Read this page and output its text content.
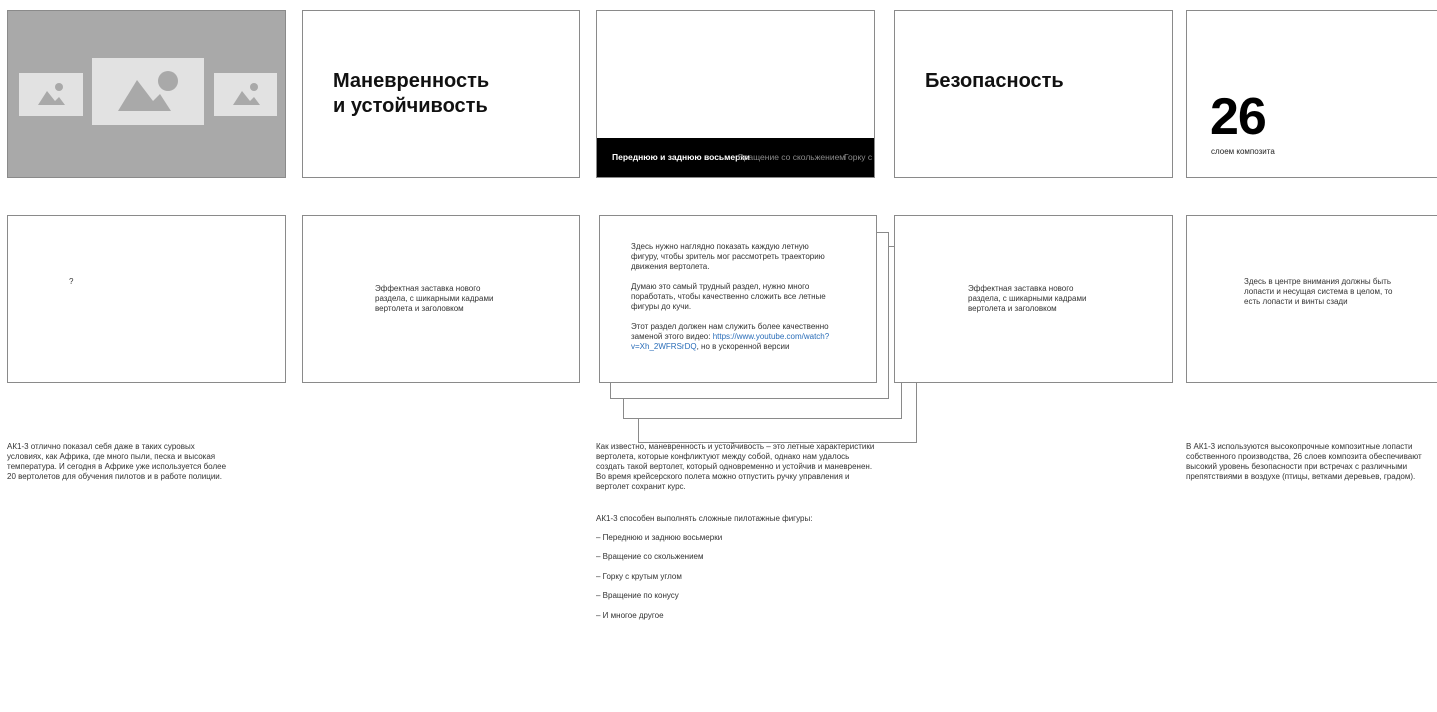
Маневренность
и устойчивость
Переднюю и заднюю восьмерки
Вращение со скольжением
Горку с
Безопасность
26
слоем композита
?
Эффектная заставка нового раздела, с шикарными кадрами вертолета и заголовком

Здесь нужно наглядно показать каждую летную фигуру, чтобы зритель мог рассмотреть траекторию движения вертолета.

Думаю это самый трудный раздел, нужно много поработать, чтобы качественно сложить все летные фигуры до кучи.

Этот раздел должен нам служить более качественно заменой этого видео: https://www.youtube.com/watch?v=Xh_2WFRSrDQ, но в ускоренной версии

Эффектная заставка нового раздела, с шикарными кадрами вертолета и заголовком
Здесь в центре внимания должны быть лопасти и несущая система в целом, то есть лопасти и винты сзади

АК1-3 отлично показал себя даже в таких суровых условиях, как Африка, где много пыли, песка и высокая температура. И сегодня в Африке уже используется более 20 вертолетов для обучения пилотов и в работе полиции.

Как известно, маневренность и устойчивость – это летные характеристики вертолета, которые конфликтуют между собой, однако нам удалось создать такой вертолет, который одновременно и устойчив и маневренен. Во время крейсерского полета можно отпустить ручку управления и вертолет сохранит курс.

АК1-3 способен выполнять сложные пилотажные фигуры:
– Переднюю и заднюю восьмерки
– Вращение со скольжением
– Горку с крутым углом
– Вращение по конусу
– И многое другое

В АК1-3 используются высокопрочные композитные лопасти собственного производства, 26 слоев композита обеспечивают высокий уровень безопасности при встречах с различными препятствиями в воздухе (птицы, ветками деревьев, градом).
